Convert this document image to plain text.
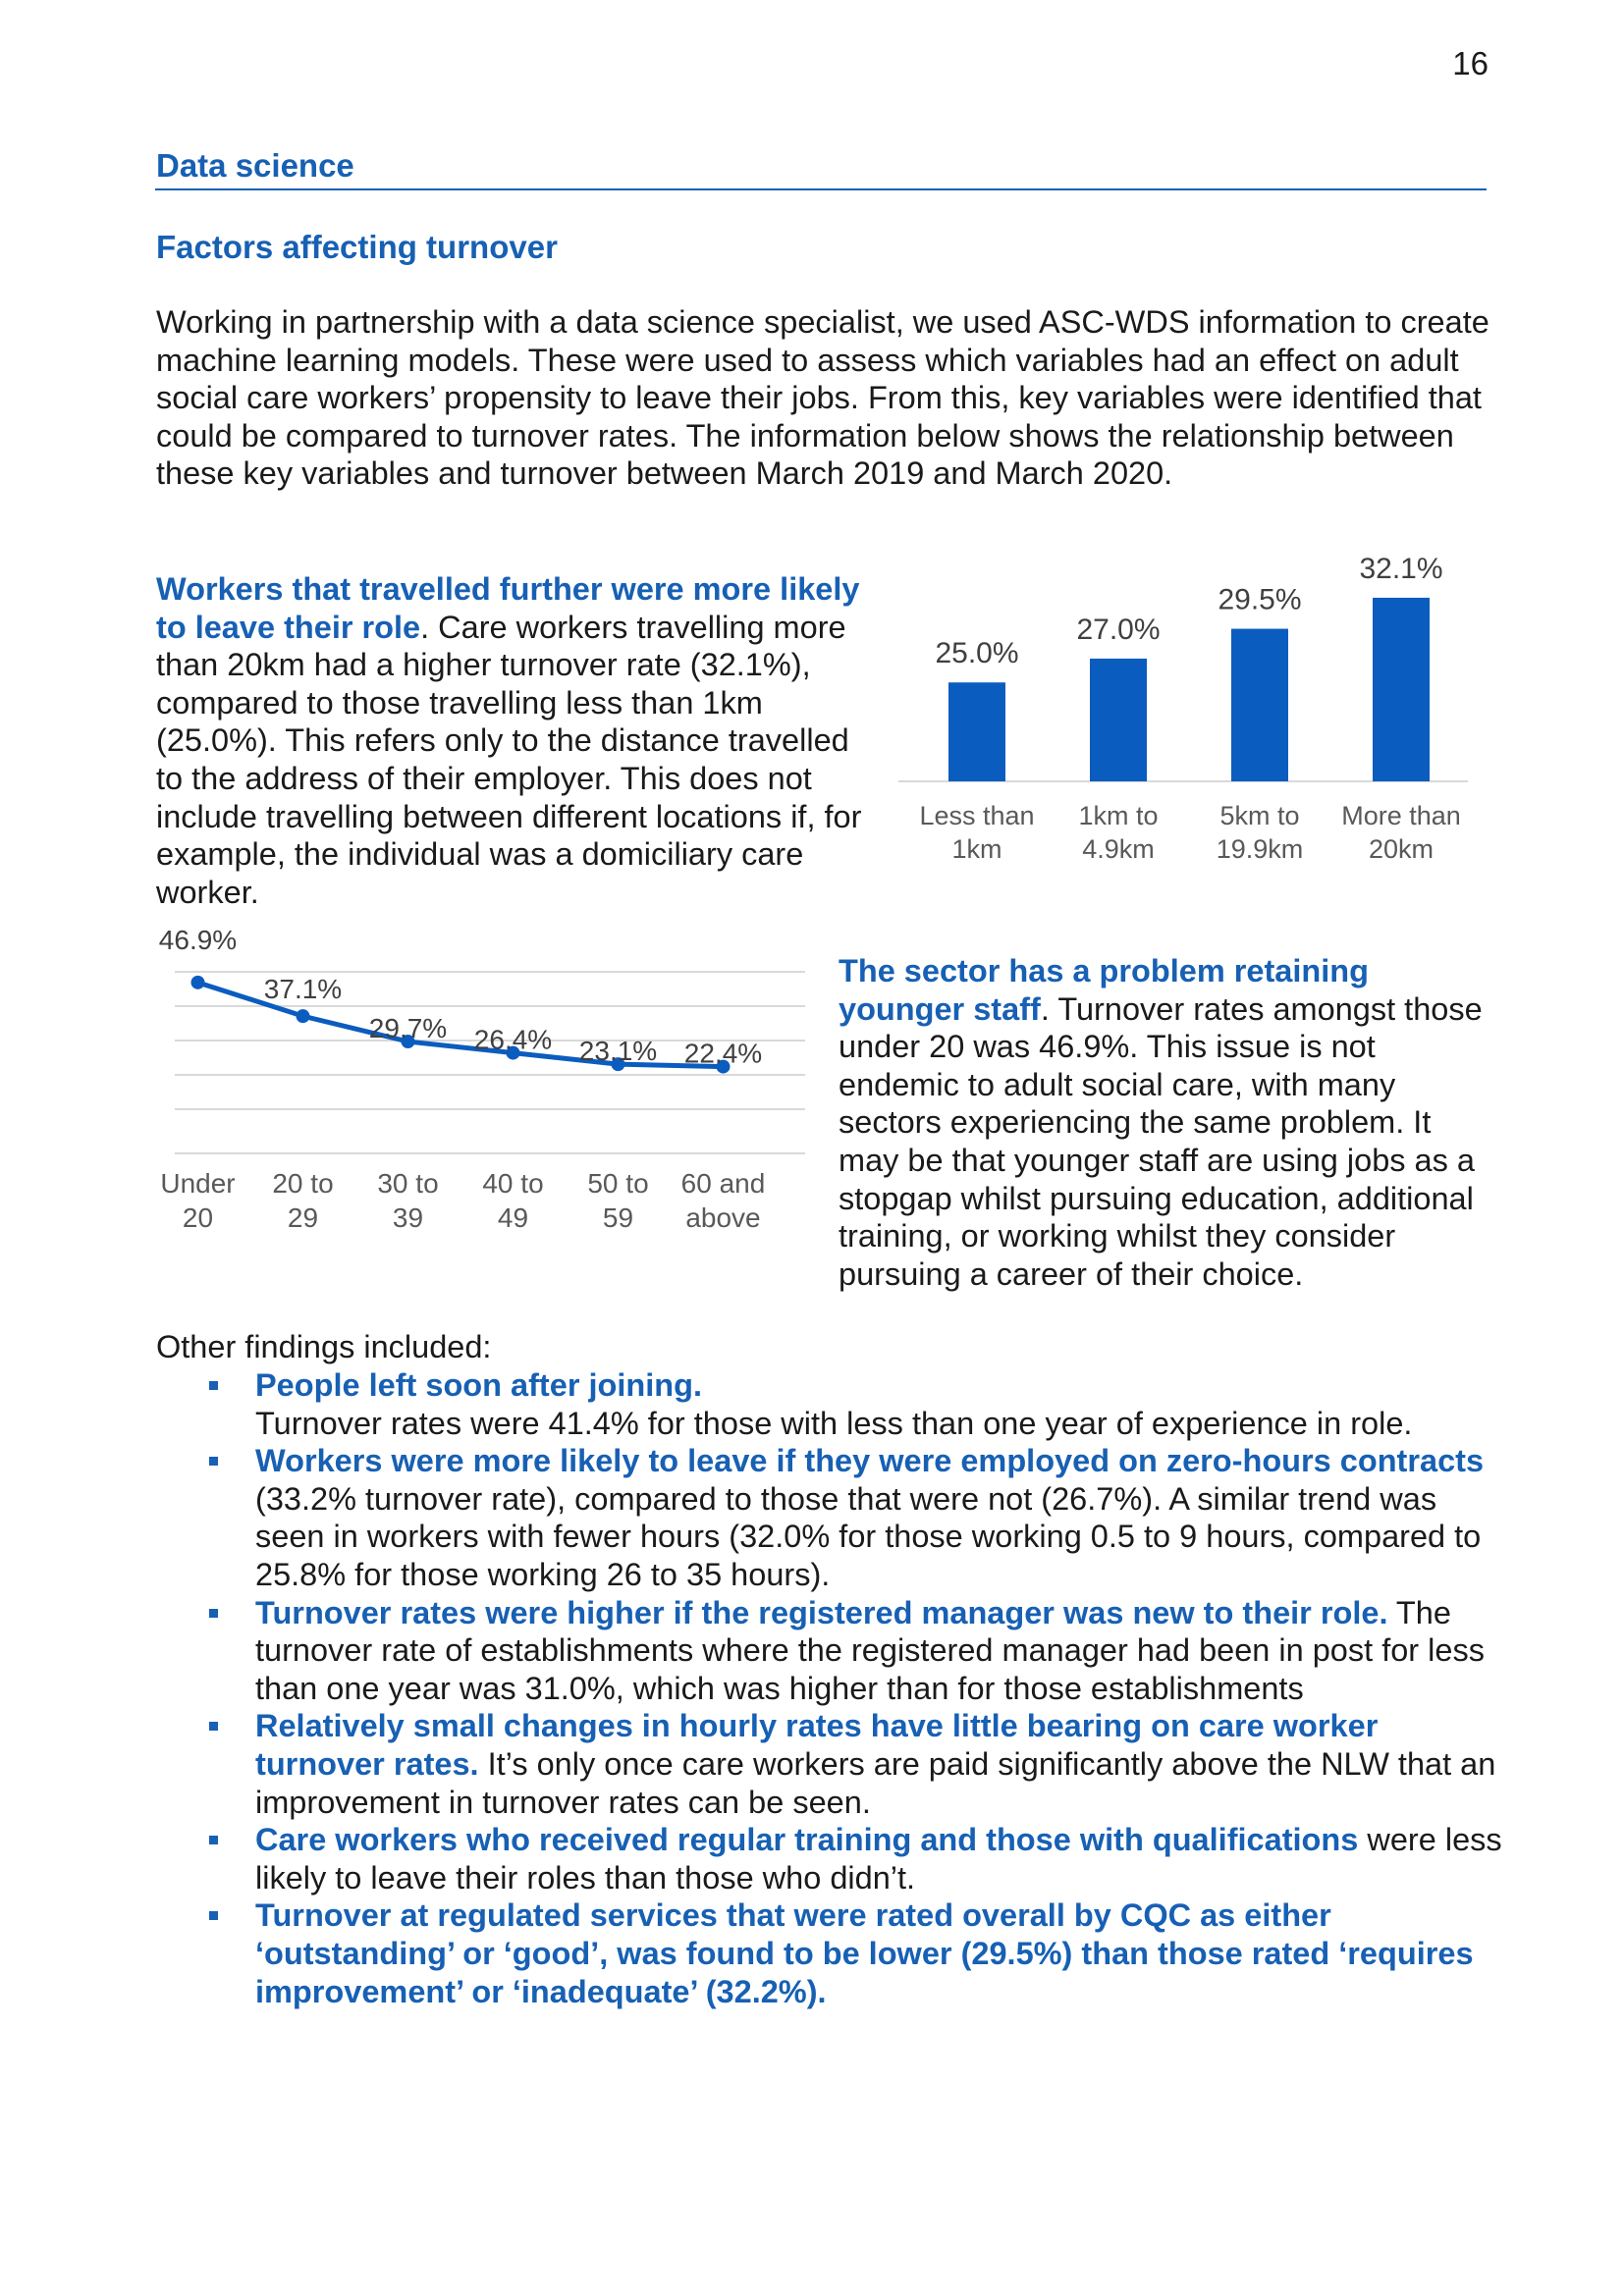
16
Data science
Factors affecting turnover
Working in partnership with a data science specialist, we used ASC-WDS information to create machine learning models. These were used to assess which variables had an effect on adult social care workers’ propensity to leave their jobs. From this, key variables were identified that could be compared to turnover rates. The information below shows the relationship between these key variables and turnover between March 2019 and March 2020.
Workers that travelled further were more likely to leave their role. Care workers travelling more than 20km had a higher turnover rate (32.1%), compared to those travelling less than 1km (25.0%). This refers only to the distance travelled to the address of their employer. This does not include travelling between different locations if, for example, the individual was a domiciliary care worker.
25.0%
Less than
1km
27.0%
1km to
4.9km
29.5%
5km to
19.9km
32.1%
More than
20km
46.9%
Under
20
37.1%
20 to
29
29.7%
30 to
39
26.4%
40 to
49
23.1%
50 to
59
22.4%
60 and
above
The sector has a problem retaining younger staff. Turnover rates amongst those under 20 was 46.9%. This issue is not endemic to adult social care, with many sectors experiencing the same problem. It may be that younger staff are using jobs as a stopgap whilst pursuing education, additional training, or working whilst they consider pursuing a career of their choice.
Other findings included:
People left soon after joining.
Turnover rates were 41.4% for those with less than one year of experience in role.
Workers were more likely to leave if they were employed on zero-hours contracts (33.2% turnover rate), compared to those that were not (26.7%). A similar trend was seen in workers with fewer hours (32.0% for those working 0.5 to 9 hours, compared to 25.8% for those working 26 to 35 hours).
Turnover rates were higher if the registered manager was new to their role. The turnover rate of establishments where the registered manager had been in post for less than one year was 31.0%, which was higher than for those establishments
Relatively small changes in hourly rates have little bearing on care worker turnover rates. It’s only once care workers are paid significantly above the NLW that an improvement in turnover rates can be seen.
Care workers who received regular training and those with qualifications were less likely to leave their roles than those who didn’t.
Turnover at regulated services that were rated overall by CQC as either ‘outstanding’ or ‘good’, was found to be lower (29.5%) than those rated ‘requires improvement’ or ‘inadequate’ (32.2%).
